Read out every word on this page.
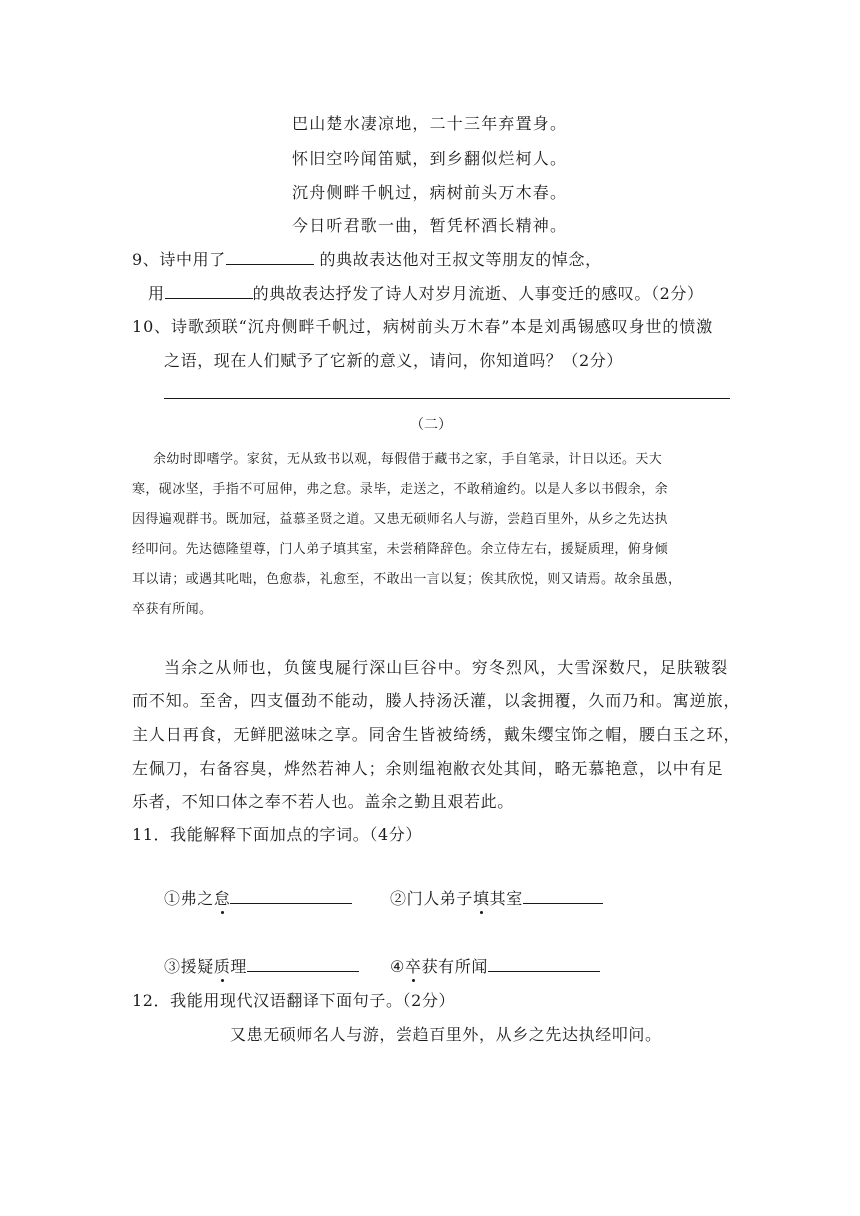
巴山楚水凄凉地，二十三年弃置身。
怀旧空吟闻笛赋，到乡翻似烂柯人。
沉舟侧畔千帆过，病树前头万木春。
今日听君歌一曲，暂凭杯酒长精神。
9、诗中用了	的典故表达他对王叔文等朋友的悼念，
用	的典故表达抒发了诗人对岁月流逝、人事变迁的感叹。（2分）
10、诗歌颈联“沉舟侧畔千帆过，病树前头万木春”本是刘禹锡感叹身世的愤激
之语，现在人们赋予了它新的意义，请问，你知道吗？（2分）
（二）
余幼时即嗜学。家贫，无从致书以观，每假借于藏书之家，手自笔录，计日以还。天大
寒，砚冰坚，手指不可屈伸，弗之怠。录毕，走送之，不敢稍逾约。以是人多以书假余，余
因得遍观群书。既加冠，益慕圣贤之道。又患无硕师名人与游，尝趋百里外，从乡之先达执
经叩问。先达德隆望尊，门人弟子填其室，未尝稍降辞色。余立侍左右，援疑质理，俯身倾
耳以请；或遇其叱咄，色愈恭，礼愈至，不敢出一言以复；俟其欣悦，则又请焉。故余虽愚，
卒获有所闻。
当余之从师也，负箧曳屣行深山巨谷中。穷冬烈风，大雪深数尺，足肤皲裂
而不知。至舍，四支僵劲不能动，媵人持汤沃灌，以衾拥覆，久而乃和。寓逆旅，
主人日再食，无鲜肥滋味之享。同舍生皆被绮绣，戴朱缨宝饰之帽，腰白玉之环，
左佩刀，右备容臭，烨然若神人；余则缊袍敝衣处其间，略无慕艳意，以中有足
乐者，不知口体之奉不若人也。盖余之勤且艰若此。
11．我能解释下面加点的字词。（4分）
①弗之怠	②门人弟子填其室
③援疑质理	④卒获有所闻
12．我能用现代汉语翻译下面句子。（2分）
又患无硕师名人与游，尝趋百里外，从乡之先达执经叩问。
